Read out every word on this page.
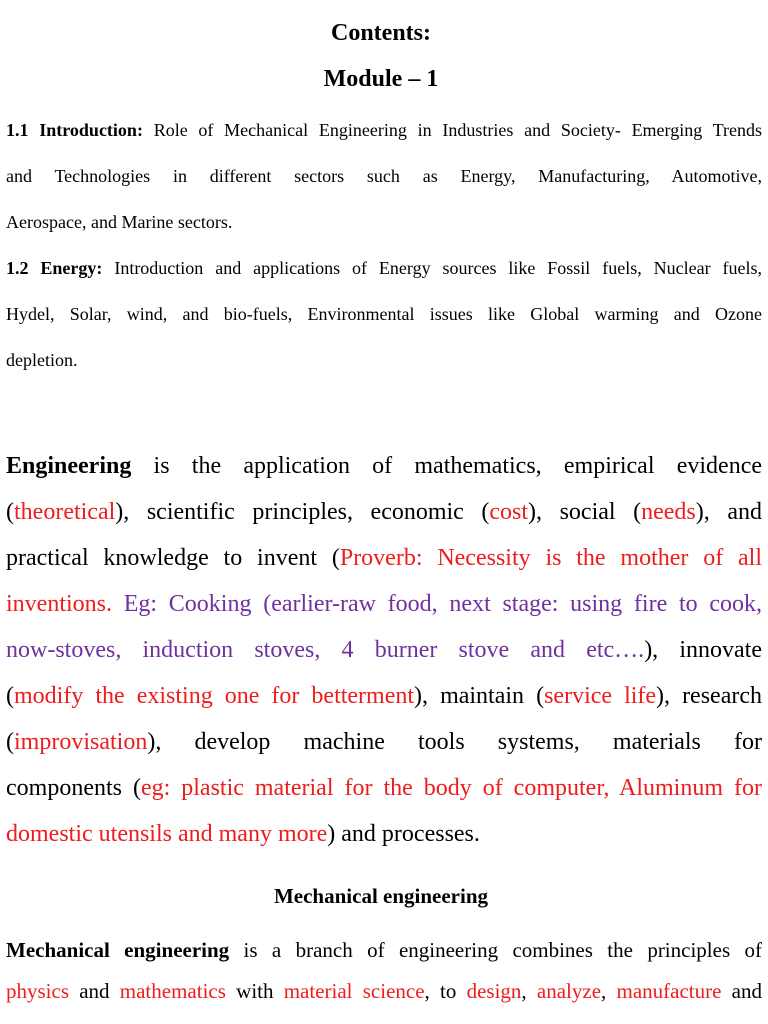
Contents:
Module – 1

1.1 Introduction: Role of Mechanical Engineering in Industries and Society- Emerging Trends

and Technologies in different sectors such as Energy, Manufacturing, Automotive,

Aerospace, and Marine sectors.

1.2 Energy: Introduction and applications of Energy sources like Fossil fuels, Nuclear fuels,

Hydel, Solar, wind, and bio-fuels, Environmental issues like Global warming and Ozone

depletion.

Engineering is the application of mathematics, empirical evidence

(theoretical), scientific principles, economic (cost), social (needs), and

practical knowledge to invent (Proverb: Necessity is the mother of all

inventions. Eg: Cooking (earlier-raw food, next stage: using fire to cook,

now-stoves, induction stoves, 4 burner stove and etc….), innovate

(modify the existing one for betterment), maintain (service life), research

(improvisation), develop machine tools systems, materials for

components (eg: plastic material for the body of computer, Aluminum for

domestic utensils and many more) and processes.

Mechanical engineering

Mechanical engineering is a branch of engineering combines the principles of

physics and mathematics with material science, to design, analyze, manufacture and
